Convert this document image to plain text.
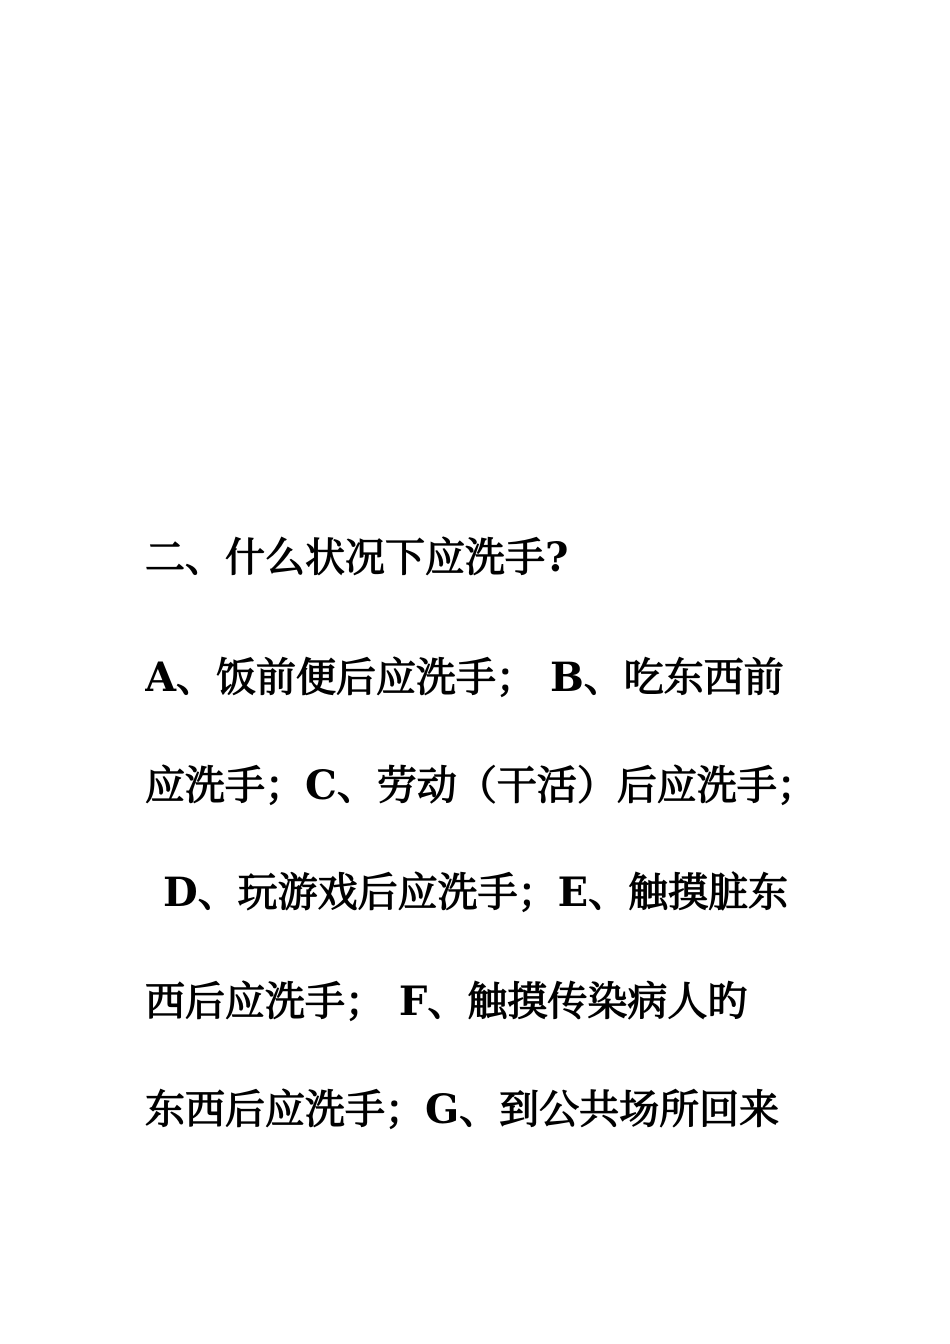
二、什么状况下应洗手?
A、饭前便后应洗手； B、吃东西前
应洗手；C、劳动（干活）后应洗手；
D、玩游戏后应洗手；E、触摸脏东
西后应洗手； F、触摸传染病人旳
东西后应洗手；G、到公共场所回来
